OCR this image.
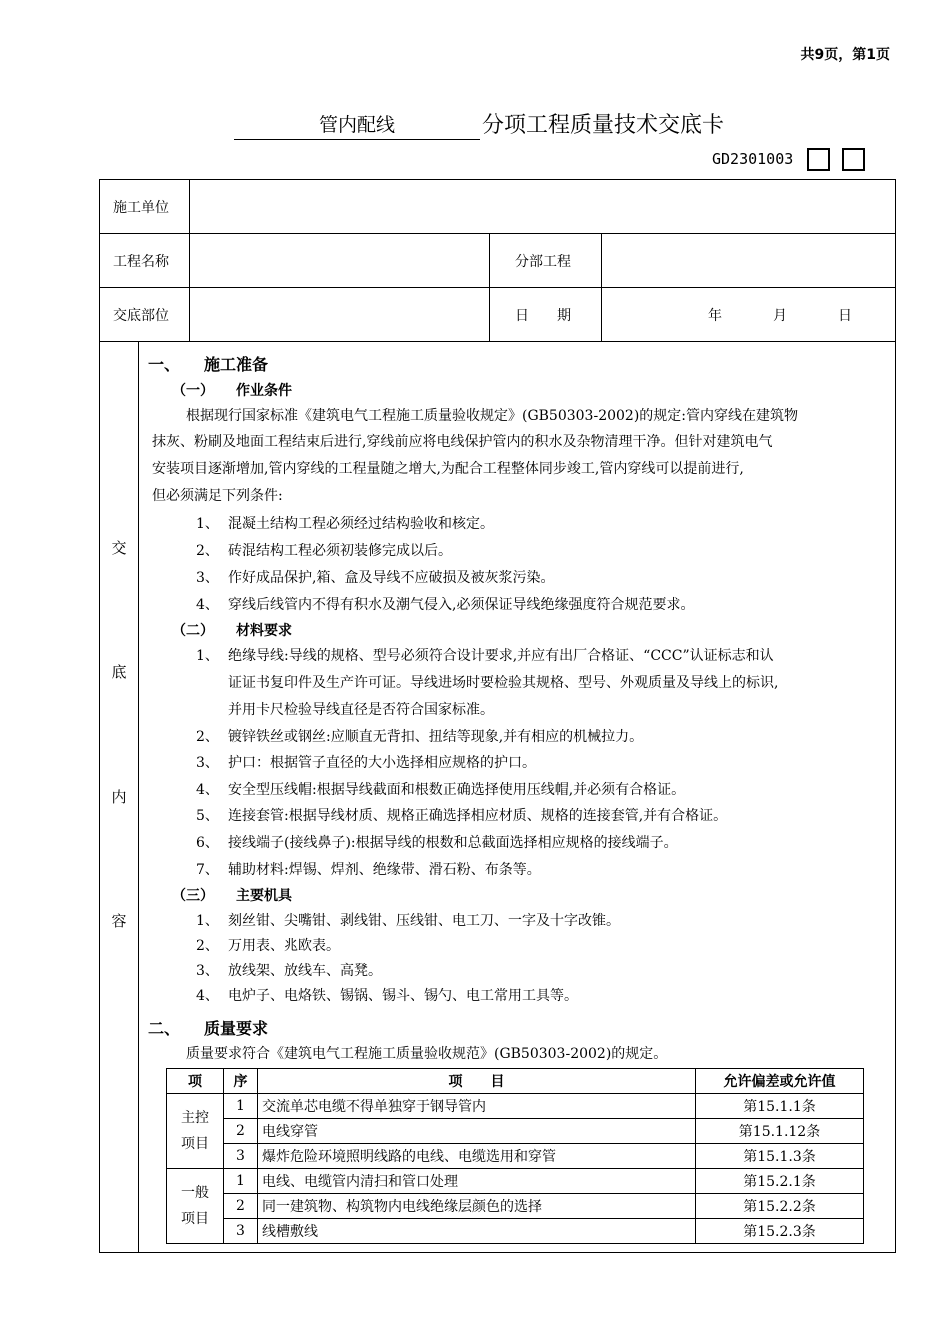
共9页，第1页
管内配线	分项工程质量技术交底卡
GD2301003
施工单位
工程名称	分部工程
交底部位	日　　期	年	月	日
交
底
内
容
一、 施工准备
（一） 作业条件
根据现行国家标准《建筑电气工程施工质量验收规定》(GB50303-2002)的规定:管内穿线在建筑物
抹灰、粉刷及地面工程结束后进行,穿线前应将电线保护管内的积水及杂物清理干净。但针对建筑电气
安装项目逐渐增加,管内穿线的工程量随之增大,为配合工程整体同步竣工,管内穿线可以提前进行,
但必须满足下列条件:
1、 混凝土结构工程必须经过结构验收和核定。
2、 砖混结构工程必须初装修完成以后。
3、 作好成品保护,箱、盒及导线不应破损及被灰浆污染。
4、 穿线后线管内不得有积水及潮气侵入,必须保证导线绝缘强度符合规范要求。
（二） 材料要求
1、 绝缘导线:导线的规格、型号必须符合设计要求,并应有出厂合格证、“CCC”认证标志和认
证证书复印件及生产许可证。导线进场时要检验其规格、型号、外观质量及导线上的标识,
并用卡尺检验导线直径是否符合国家标准。
2、 镀锌铁丝或钢丝:应顺直无背扣、扭结等现象,并有相应的机械拉力。
3、 护口：根据管子直径的大小选择相应规格的护口。
4、 安全型压线帽:根据导线截面和根数正确选择使用压线帽,并必须有合格证。
5、 连接套管:根据导线材质、规格正确选择相应材质、规格的连接套管,并有合格证。
6、 接线端子(接线鼻子):根据导线的根数和总截面选择相应规格的接线端子。
7、 辅助材料:焊锡、焊剂、绝缘带、滑石粉、布条等。
（三） 主要机具
1、 刻丝钳、尖嘴钳、剥线钳、压线钳、电工刀、一字及十字改锥。
2、 万用表、兆欧表。
3、 放线架、放线车、高凳。
4、 电炉子、电烙铁、锡锅、锡斗、锡勺、电工常用工具等。
二、 质量要求
质量要求符合《建筑电气工程施工质量验收规范》(GB50303-2002)的规定。
项	序	项　　目	允许偏差或允许值
主控
项目	1	交流单芯电缆不得单独穿于钢导管内	第15.1.1条
	2	电线穿管	第15.1.12条
	3	爆炸危险环境照明线路的电线、电缆选用和穿管	第15.1.3条
一般
项目	1	电线、电缆管内清扫和管口处理	第15.2.1条
	2	同一建筑物、构筑物内电线绝缘层颜色的选择	第15.2.2条
	3	线槽敷线	第15.2.3条
